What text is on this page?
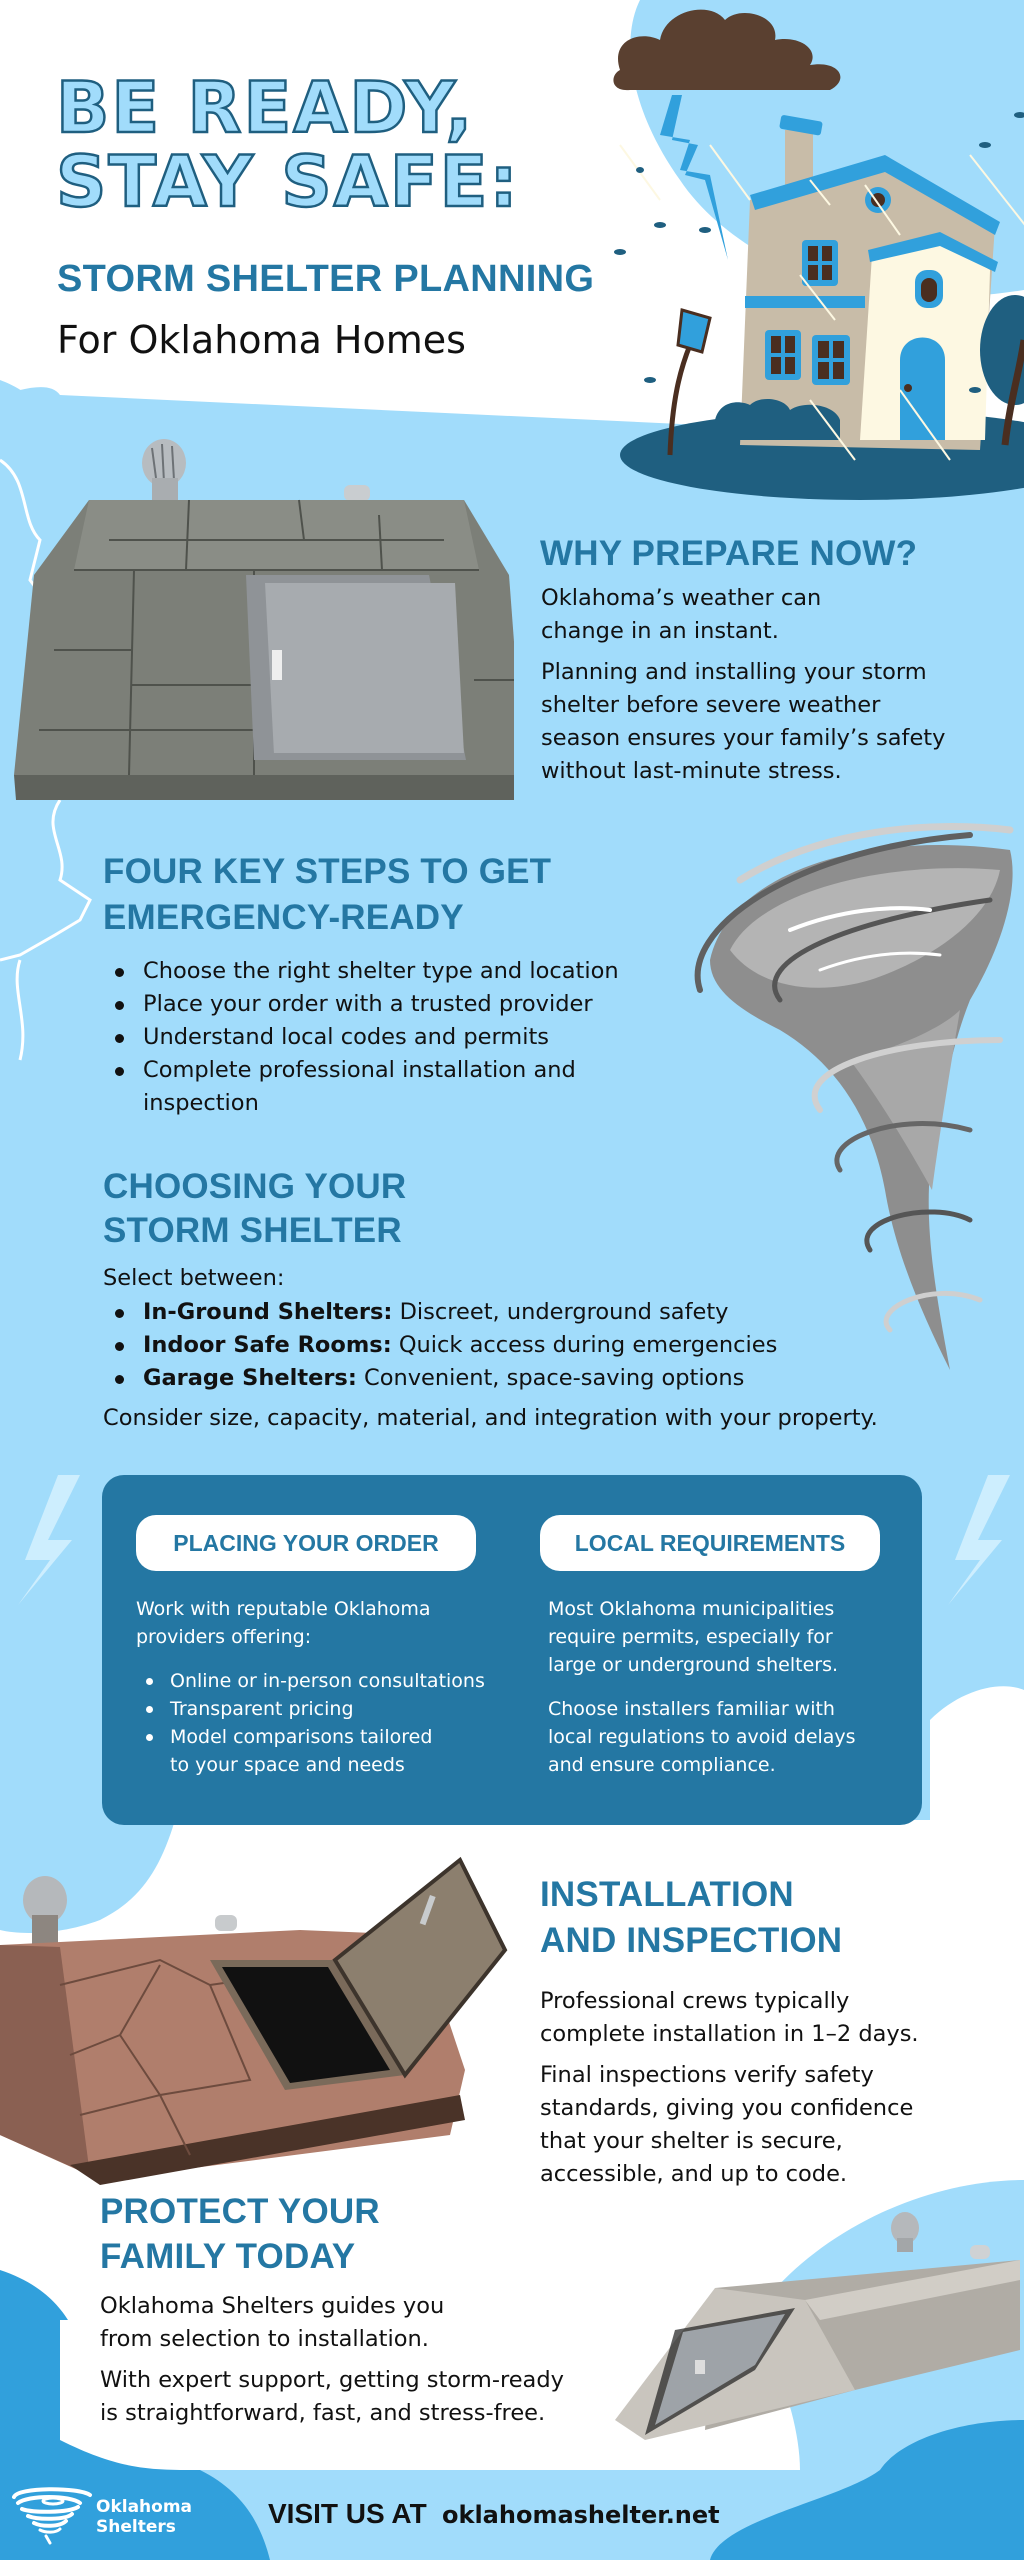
BE READY,
STAY SAFE:
STORM SHELTER PLANNING
For Oklahoma Homes
WHY PREPARE NOW?
Oklahoma’s weather can
change in an instant.
Planning and installing your storm
shelter before severe weather
season ensures your family’s safety
without last-minute stress.
FOUR KEY STEPS TO GET
EMERGENCY-READY
Choose the right shelter type and location
Place your order with a trusted provider
Understand local codes and permits
Complete professional installation and inspection
CHOOSING YOUR
STORM SHELTER
Select between:
In-Ground Shelters: Discreet, underground safety
Indoor Safe Rooms: Quick access during emergencies
Garage Shelters: Convenient, space-saving options
Consider size, capacity, material, and integration with your property.
PLACING YOUR ORDER	LOCAL REQUIREMENTS
Work with reputable Oklahoma
providers offering:
Online or in-person consultations
Transparent pricing
Model comparisons tailored to your space and needs
Most Oklahoma municipalities require permits, especially for large or underground shelters.
Choose installers familiar with local regulations to avoid delays and ensure compliance.
INSTALLATION
AND INSPECTION
Professional crews typically
complete installation in 1–2 days.
Final inspections verify safety
standards, giving you confidence
that your shelter is secure,
accessible, and up to code.
PROTECT YOUR
FAMILY TODAY
Oklahoma Shelters guides you
from selection to installation.
With expert support, getting storm-ready
is straightforward, fast, and stress-free.
Oklahoma
Shelters	VISIT US AT oklahomashelter.net
